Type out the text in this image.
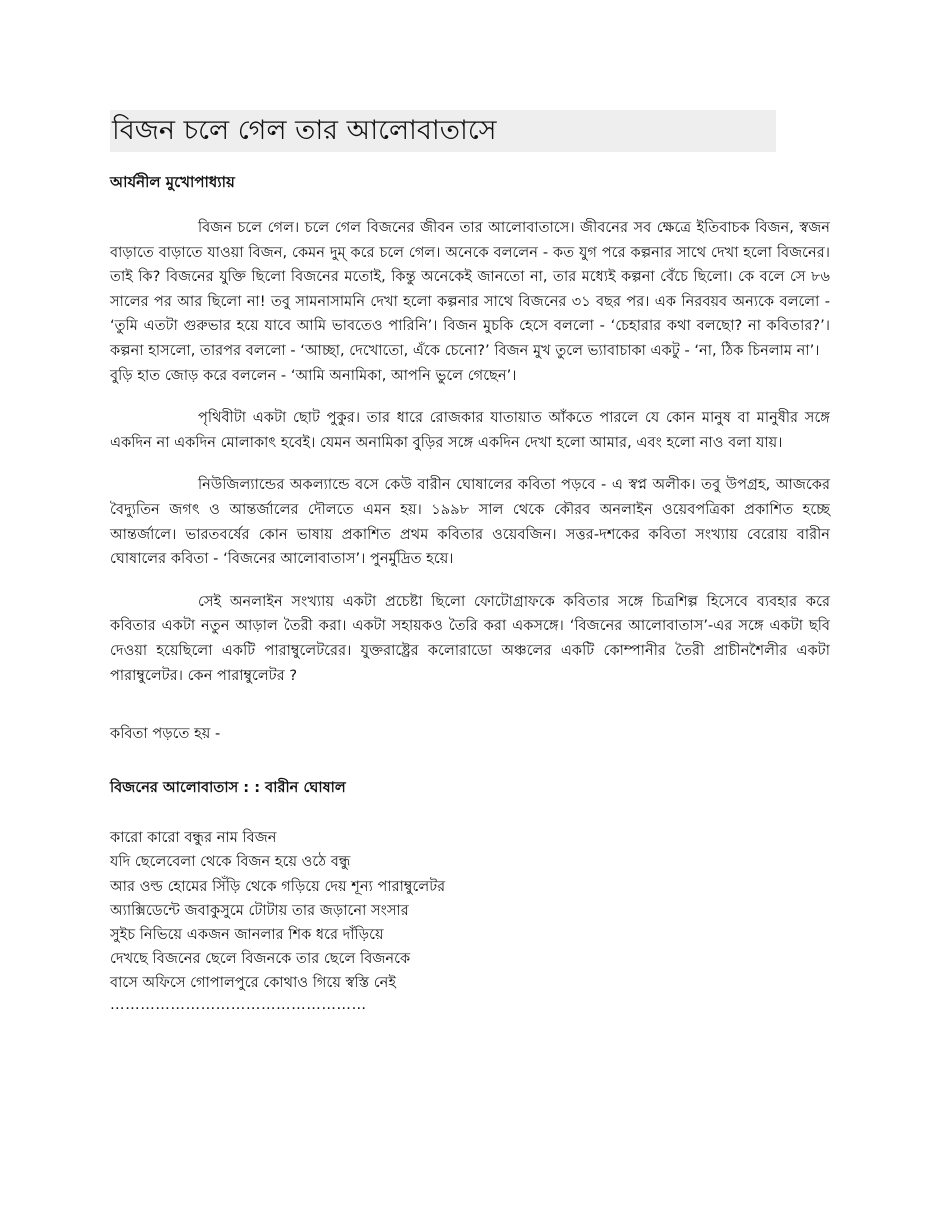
বিজন চলে গেল তার আলোবাতাসে
আর্যনীল মুখোপাধ্যায়

বিজন চলে গেল। চলে গেল বিজনের জীবন তার আলোবাতাসে। জীবনের সব ক্ষেত্রে ইতিবাচক বিজন, স্বজন বাড়াতে বাড়াতে যাওয়া বিজন, কেমন দুম্ করে চলে গেল। অনেকে বললেন - কত যুগ পরে কল্পনার সাথে দেখা হলো বিজনের। তাই কি? বিজনের যুক্তি ছিলো বিজনের মতোই, কিন্তু অনেকেই জানতো না, তার মধ্যেই কল্পনা বেঁচে ছিলো। কে বলে সে ৮৬ সালের পর আর ছিলো না! তবু সামনাসামনি দেখা হলো কল্পনার সাথে বিজনের ৩১ বছর পর। এক নিরবয়ব অন্যকে বললো - ‘তুমি এতটা গুরুভার হয়ে যাবে আমি ভাবতেও পারিনি’। বিজন মুচকি হেসে বললো - ‘চেহারার কথা বলছো? না কবিতার?’। কল্পনা হাসলো, তারপর বললো - ‘আচ্ছা, দেখোতো, এঁকে চেনো?’ বিজন মুখ তুলে ভ্যাবাচাকা একটু - ‘না, ঠিক চিনলাম না’।

বুড়ি হাত জোড় করে বললেন - ‘আমি অনামিকা, আপনি ভুলে গেছেন’।

পৃথিবীটা একটা ছোট পুকুর। তার ধারে রোজকার যাতায়াত আঁকতে পারলে যে কোন মানুষ বা মানুষীর সঙ্গে একদিন না একদিন মোলাকাৎ হবেই। যেমন অনামিকা বুড়ির সঙ্গে একদিন দেখা হলো আমার, এবং হলো নাও বলা যায়।

নিউজিল্যান্ডের অকল্যান্ডে বসে কেউ বারীন ঘোষালের কবিতা পড়বে - এ স্বপ্ন অলীক। তবু উপগ্রহ, আজকের বৈদ্যুতিন জগৎ ও আন্তর্জালের দৌলতে এমন হয়। ১৯৯৮ সাল থেকে কৌরব অনলাইন ওয়েবপত্রিকা প্রকাশিত হচ্ছে আন্তর্জালে। ভারতবর্ষের কোন ভাষায় প্রকাশিত প্রথম কবিতার ওয়েবজিন। সত্তর-দশকের কবিতা সংখ্যায় বেরোয় বারীন ঘোষালের কবিতা - ‘বিজনের আলোবাতাস’। পুনর্মুদ্রিত হয়ে।

সেই অনলাইন সংখ্যায় একটা প্রচেষ্টা ছিলো ফোটোগ্রাফকে কবিতার সঙ্গে চিত্রশিল্প হিসেবে ব্যবহার করে কবিতার একটা নতুন আড়াল তৈরী করা। একটা সহায়কও তৈরি করা একসঙ্গে। ‘বিজনের আলোবাতাস’-এর সঙ্গে একটা ছবি দেওয়া হয়েছিলো একটি পারাম্বুলেটরের। যুক্তরাষ্ট্রের কলোরাডো অঞ্চলের একটি কোম্পানীর তৈরী প্রাচীনশৈলীর একটা পারাম্বুলেটর। কেন পারাম্বুলেটর ?

কবিতা পড়তে হয় -
বিজনের আলোবাতাস : : বারীন ঘোষাল
কারো কারো বন্ধুর নাম বিজন
যদি ছেলেবেলা থেকে বিজন হয়ে ওঠে বন্ধু
আর ওল্ড হোমের সিঁড়ি থেকে গড়িয়ে দেয় শূন্য পারাম্বুলেটর
অ্যাক্সিডেন্টে জবাকুসুমে টোটায় তার জড়ানো সংসার
সুইচ নিভিয়ে একজন জানলার শিক ধরে দাঁড়িয়ে
দেখছে বিজনের ছেলে বিজনকে তার ছেলে বিজনকে
বাসে অফিসে গোপালপুরে কোথাও গিয়ে স্বস্তি নেই
……………………………………………
